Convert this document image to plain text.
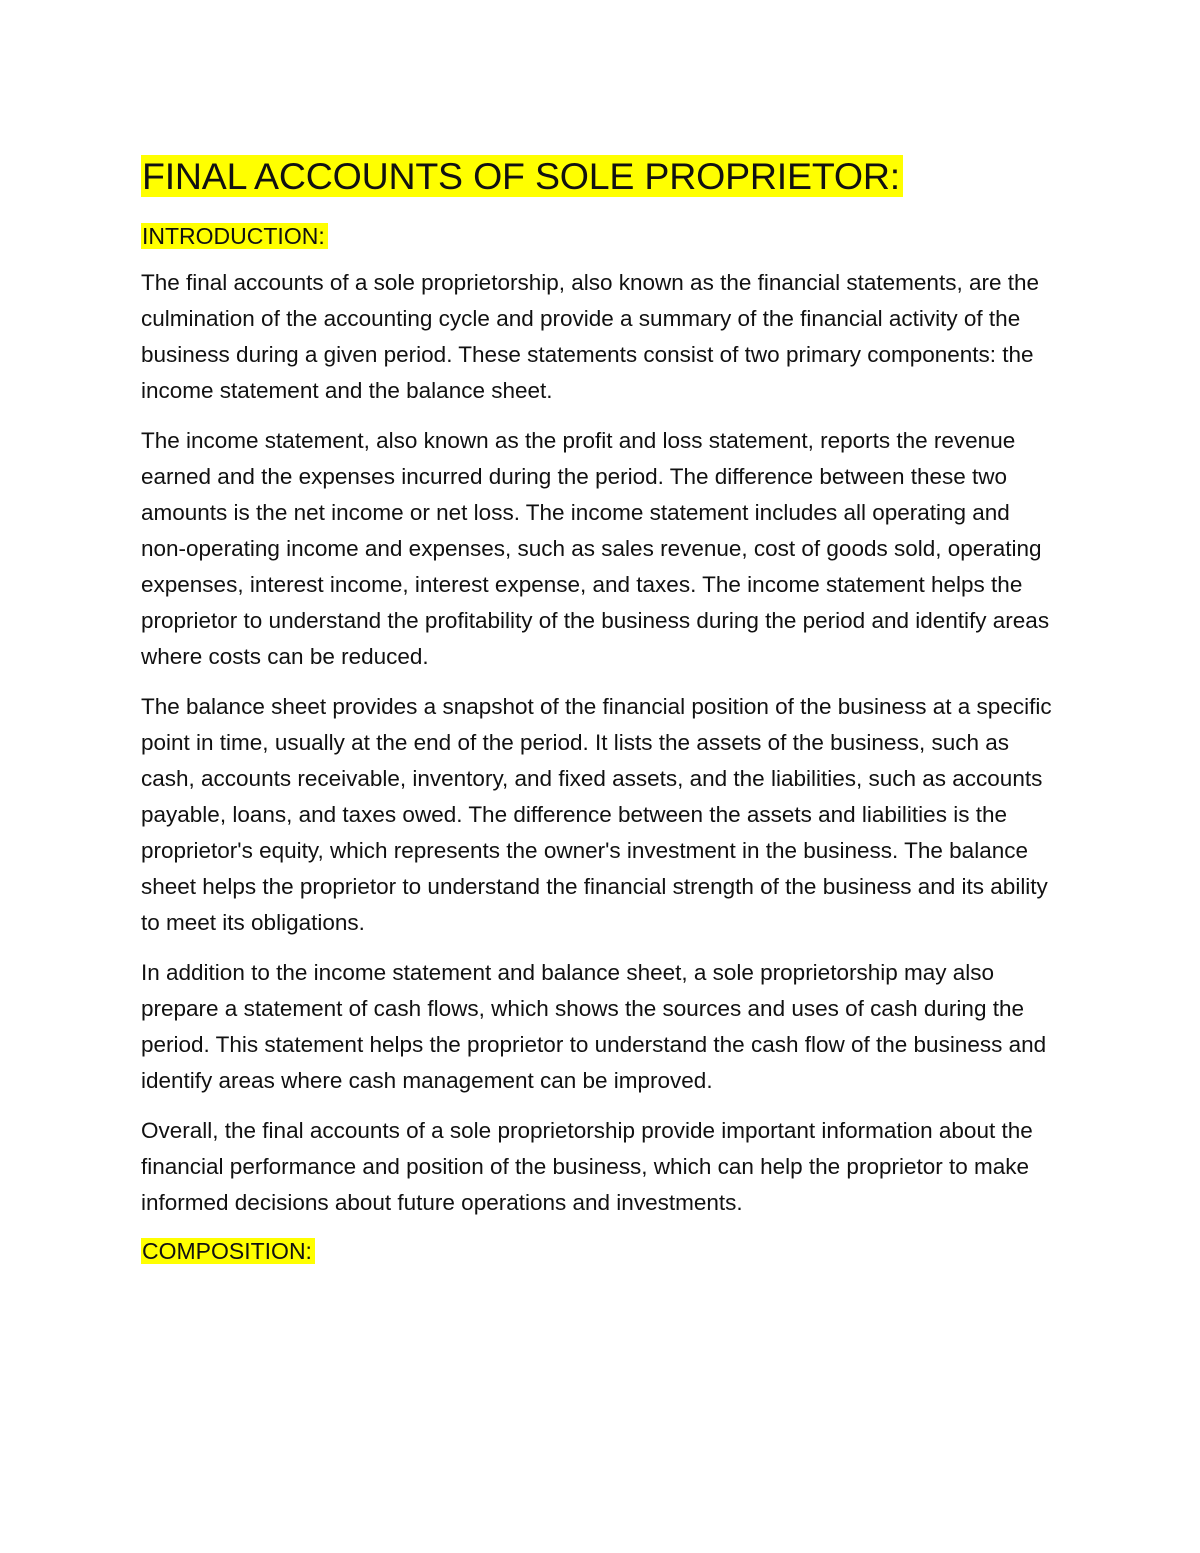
FINAL ACCOUNTS OF SOLE PROPRIETOR:
INTRODUCTION:

The final accounts of a sole proprietorship, also known as the financial statements, are the culmination of the accounting cycle and provide a summary of the financial activity of the business during a given period. These statements consist of two primary components: the income statement and the balance sheet.

The income statement, also known as the profit and loss statement, reports the revenue earned and the expenses incurred during the period. The difference between these two amounts is the net income or net loss. The income statement includes all operating and non-operating income and expenses, such as sales revenue, cost of goods sold, operating expenses, interest income, interest expense, and taxes. The income statement helps the proprietor to understand the profitability of the business during the period and identify areas where costs can be reduced.

The balance sheet provides a snapshot of the financial position of the business at a specific point in time, usually at the end of the period. It lists the assets of the business, such as cash, accounts receivable, inventory, and fixed assets, and the liabilities, such as accounts payable, loans, and taxes owed. The difference between the assets and liabilities is the proprietor's equity, which represents the owner's investment in the business. The balance sheet helps the proprietor to understand the financial strength of the business and its ability to meet its obligations.

In addition to the income statement and balance sheet, a sole proprietorship may also prepare a statement of cash flows, which shows the sources and uses of cash during the period. This statement helps the proprietor to understand the cash flow of the business and identify areas where cash management can be improved.

Overall, the final accounts of a sole proprietorship provide important information about the financial performance and position of the business, which can help the proprietor to make informed decisions about future operations and investments.

COMPOSITION:
